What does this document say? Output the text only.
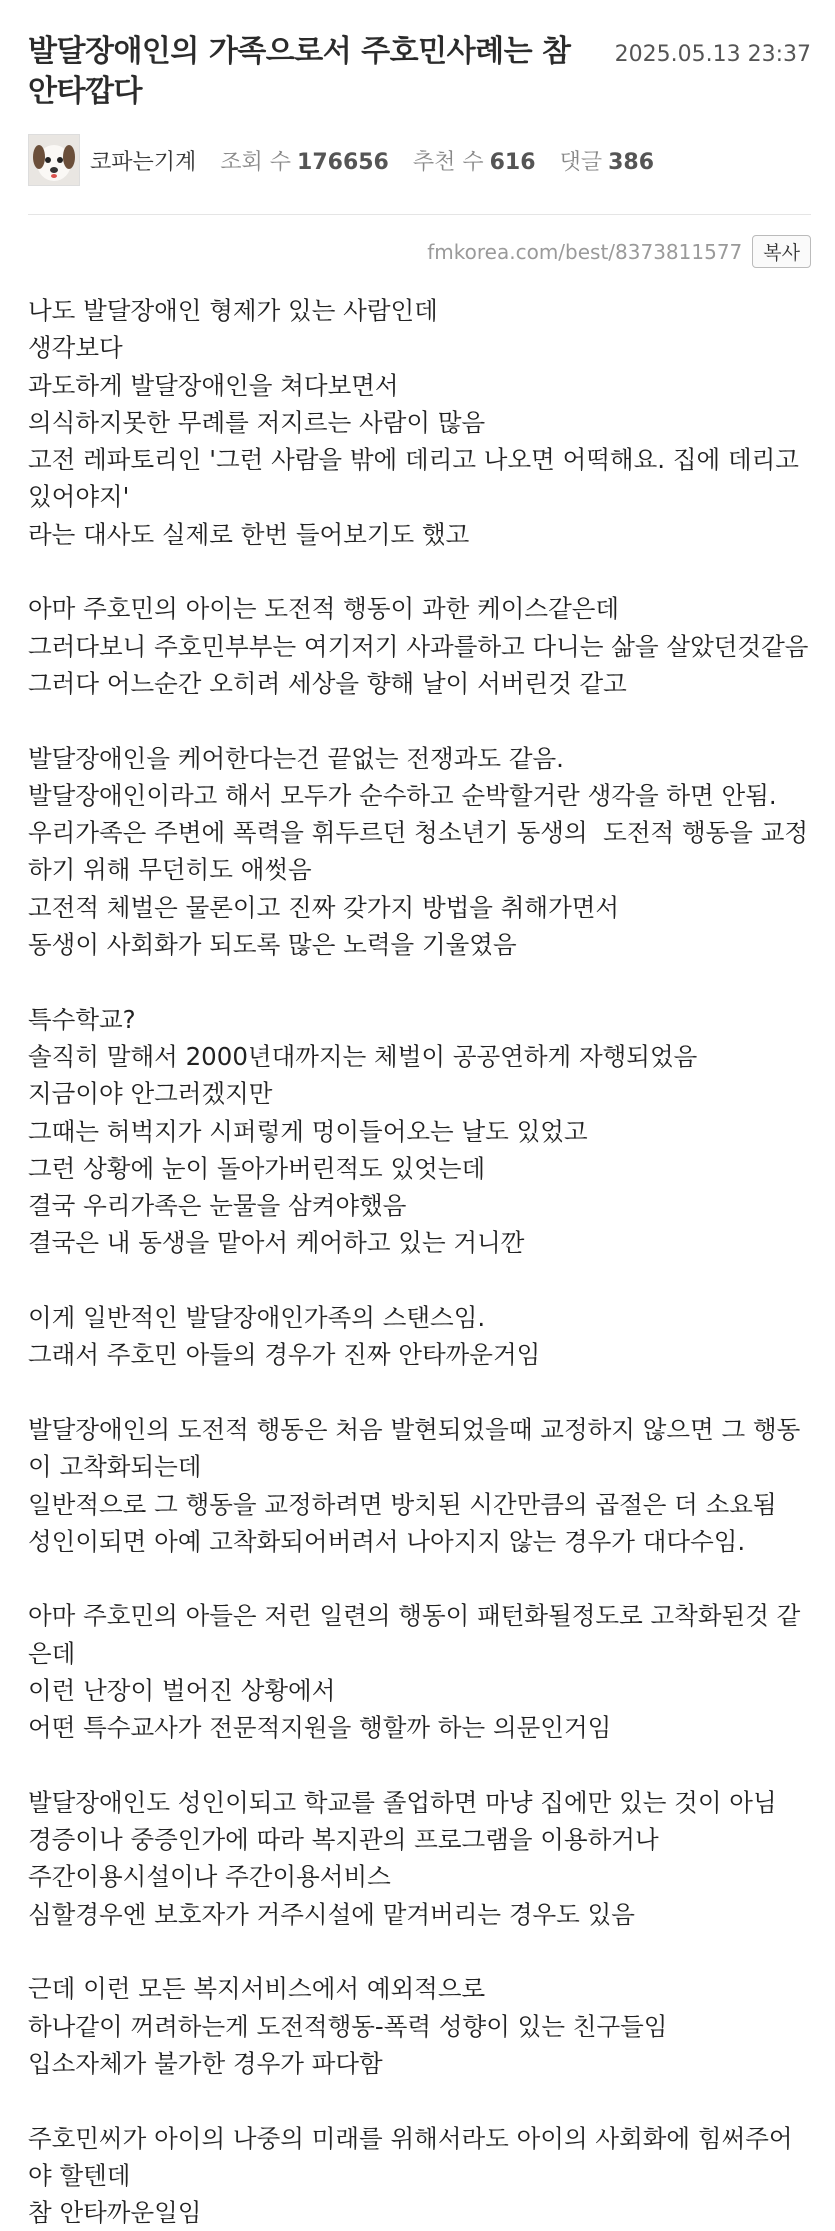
발달장애인의 가족으로서 주호민사례는 참 안타깝다
2025.05.13 23:37
코파는기계 조회 수 176656 추천 수 616 댓글 386
fmkorea.com/best/8373811577	복사
나도 발달장애인 형제가 있는 사람인데
생각보다
과도하게 발달장애인을 쳐다보면서
의식하지못한 무례를 저지르는 사람이 많음
고전 레파토리인 '그런 사람을 밖에 데리고 나오면 어떡해요. 집에 데리고
있어야지'
라는 대사도 실제로 한번 들어보기도 했고
아마 주호민의 아이는 도전적 행동이 과한 케이스같은데
그러다보니 주호민부부는 여기저기 사과를하고 다니는 삶을 살았던것같음
그러다 어느순간 오히려 세상을 향해 날이 서버린것 같고
발달장애인을 케어한다는건 끝없는 전쟁과도 같음.
발달장애인이라고 해서 모두가 순수하고 순박할거란 생각을 하면 안됨.
우리가족은 주변에 폭력을 휘두르던 청소년기 동생의  도전적 행동을 교정
하기 위해 무던히도 애썻음
고전적 체벌은 물론이고 진짜 갖가지 방법을 취해가면서
동생이 사회화가 되도록 많은 노력을 기울였음
특수학교?
솔직히 말해서 2000년대까지는 체벌이 공공연하게 자행되었음
지금이야 안그러겠지만
그때는 허벅지가 시퍼렇게 멍이들어오는 날도 있었고
그런 상황에 눈이 돌아가버린적도 있엇는데
결국 우리가족은 눈물을 삼켜야했음
결국은 내 동생을 맡아서 케어하고 있는 거니깐
이게 일반적인 발달장애인가족의 스탠스임.
그래서 주호민 아들의 경우가 진짜 안타까운거임
발달장애인의 도전적 행동은 처음 발현되었을때 교정하지 않으면 그 행동
이 고착화되는데
일반적으로 그 행동을 교정하려면 방치된 시간만큼의 곱절은 더 소요됨
성인이되면 아예 고착화되어버려서 나아지지 않는 경우가 대다수임.
아마 주호민의 아들은 저런 일련의 행동이 패턴화될정도로 고착화된것 같
은데
이런 난장이 벌어진 상황에서
어떤 특수교사가 전문적지원을 행할까 하는 의문인거임
발달장애인도 성인이되고 학교를 졸업하면 마냥 집에만 있는 것이 아님
경증이나 중증인가에 따라 복지관의 프로그램을 이용하거나
주간이용시설이나 주간이용서비스
심할경우엔 보호자가 거주시설에 맡겨버리는 경우도 있음
근데 이런 모든 복지서비스에서 예외적으로
하나같이 꺼려하는게 도전적행동-폭력 성향이 있는 친구들임
입소자체가 불가한 경우가 파다함
주호민씨가 아이의 나중의 미래를 위해서라도 아이의 사회화에 힘써주어
야 할텐데
참 안타까운일임
